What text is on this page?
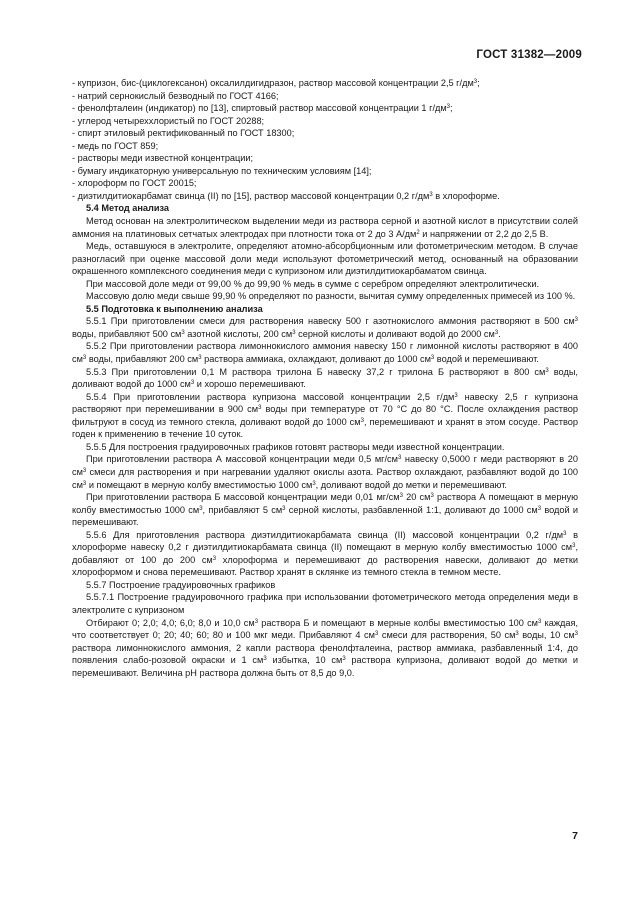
ГОСТ 31382—2009

- купризон, бис-(циклогексанон) оксалилдигидразон, раствор массовой концентрации 2,5 $г/дм^3$;

- натрий сернокислый безводный по ГОСТ 4166;

- фенолфталеин (индикатор) по [13], спиртовый раствор массовой концентрации 1 $г/дм^3$;

- углерод четыреххлористый по ГОСТ 20288;

- спирт этиловый ректификованный по ГОСТ 18300;

- медь по ГОСТ 859;

- растворы меди известной концентрации;

- бумагу индикаторную универсальную по техническим условиям [14];

- хлороформ по ГОСТ 20015;

- диэтилдитиокарбамат свинца (II) по [15], раствор массовой концентрации 0,2 $г/дм^3$ в хлороформе.

5.4 Метод анализа

Метод основан на электролитическом выделении меди из раствора серной и азотной кислот в присутствии солей аммония на платиновых сетчатых электродах при плотности тока от 2 до 3 $А/дм^2$ и напряжении от 2,2 до 2,5 В.

Медь, оставшуюся в электролите, определяют атомно-абсорбционным или фотометрическим методом. В случае разногласий при оценке массовой доли меди используют фотометрический метод, основанный на образовании окрашенного комплексного соединения меди с купризоном или диэтилдитиокарбаматом свинца.

При массовой доле меди от 99,00 % до 99,90 % медь в сумме с серебром определяют электролитически.

Массовую долю меди свыше 99,90 % определяют по разности, вычитая сумму определенных примесей из 100 %.

5.5 Подготовка к выполнению анализа

5.5.1 При приготовлении смеси для растворения навеску 500 г азотнокислого аммония растворяют в 500 $см^3$ воды, прибавляют 500 $см^3$ азотной кислоты, 200 $см^3$ серной кислоты и доливают водой до 2000 $см^3$.

5.5.2 При приготовлении раствора лимоннокислого аммония навеску 150 г лимонной кислоты растворяют в 400 $см^3$ воды, прибавляют 200 $см^3$ раствора аммиака, охлаждают, доливают до 1000 $см^3$ водой и перемешивают.

5.5.3 При приготовлении 0,1 М раствора трилона Б навеску 37,2 г трилона Б растворяют в 800 $см^3$ воды, доливают водой до 1000 $см^3$ и хорошо перемешивают.

5.5.4 При приготовлении раствора купризона массовой концентрации 2,5 $г/дм^3$ навеску 2,5 г купризона растворяют при перемешивании в 900 $см^3$ воды при температуре от 70 °С до 80 °С. После охлаждения раствор фильтруют в сосуд из темного стекла, доливают водой до 1000 $см^3$, перемешивают и хранят в этом сосуде. Раствор годен к применению в течение 10 суток.

5.5.5 Для построения градуировочных графиков готовят растворы меди известной концентрации.

При приготовлении раствора А массовой концентрации меди 0,5 $мг/см^3$ навеску 0,5000 г меди растворяют в 20 $см^3$ смеси для растворения и при нагревании удаляют окислы азота. Раствор охлаждают, разбавляют водой до 100 $см^3$ и помещают в мерную колбу вместимостью 1000 $см^3$, доливают водой до метки и перемешивают.

При приготовлении раствора Б массовой концентрации меди 0,01 $мг/см^3$ 20 $см^3$ раствора А помещают в мерную колбу вместимостью 1000 $см^3$, прибавляют 5 $см^3$ серной кислоты, разбавленной 1:1, доливают до 1000 $см^3$ водой и перемешивают.

5.5.6 Для приготовления раствора диэтилдитиокарбамата свинца (II) массовой концентрации 0,2 $г/дм^3$ в хлороформе навеску 0,2 г диэтилдитиокарбамата свинца (II) помещают в мерную колбу вместимостью 1000 $см^3$, добавляют от 100 до 200 $см^3$ хлороформа и перемешивают до растворения навески, доливают до метки хлороформом и снова перемешивают. Раствор хранят в склянке из темного стекла в темном месте.

5.5.7 Построение градуировочных графиков

5.5.7.1 Построение градуировочного графика при использовании фотометрического метода определения меди в электролите с купризоном

Отбирают 0; 2,0; 4,0; 6,0; 8,0 и 10,0 $см^3$ раствора Б и помещают в мерные колбы вместимостью 100 $см^3$ каждая, что соответствует 0; 20; 40; 60; 80 и 100 мкг меди. Прибавляют 4 $см^3$ смеси для растворения, 50 $см^3$ воды, 10 $см^3$ раствора лимоннокислого аммония, 2 капли раствора фенолфталеина, раствор аммиака, разбавленный 1:4, до появления слабо-розовой окраски и 1 $см^3$ избытка, 10 $см^3$ раствора купризона, доливают водой до метки и перемешивают. Величина рН раствора должна быть от 8,5 до 9,0.

7
